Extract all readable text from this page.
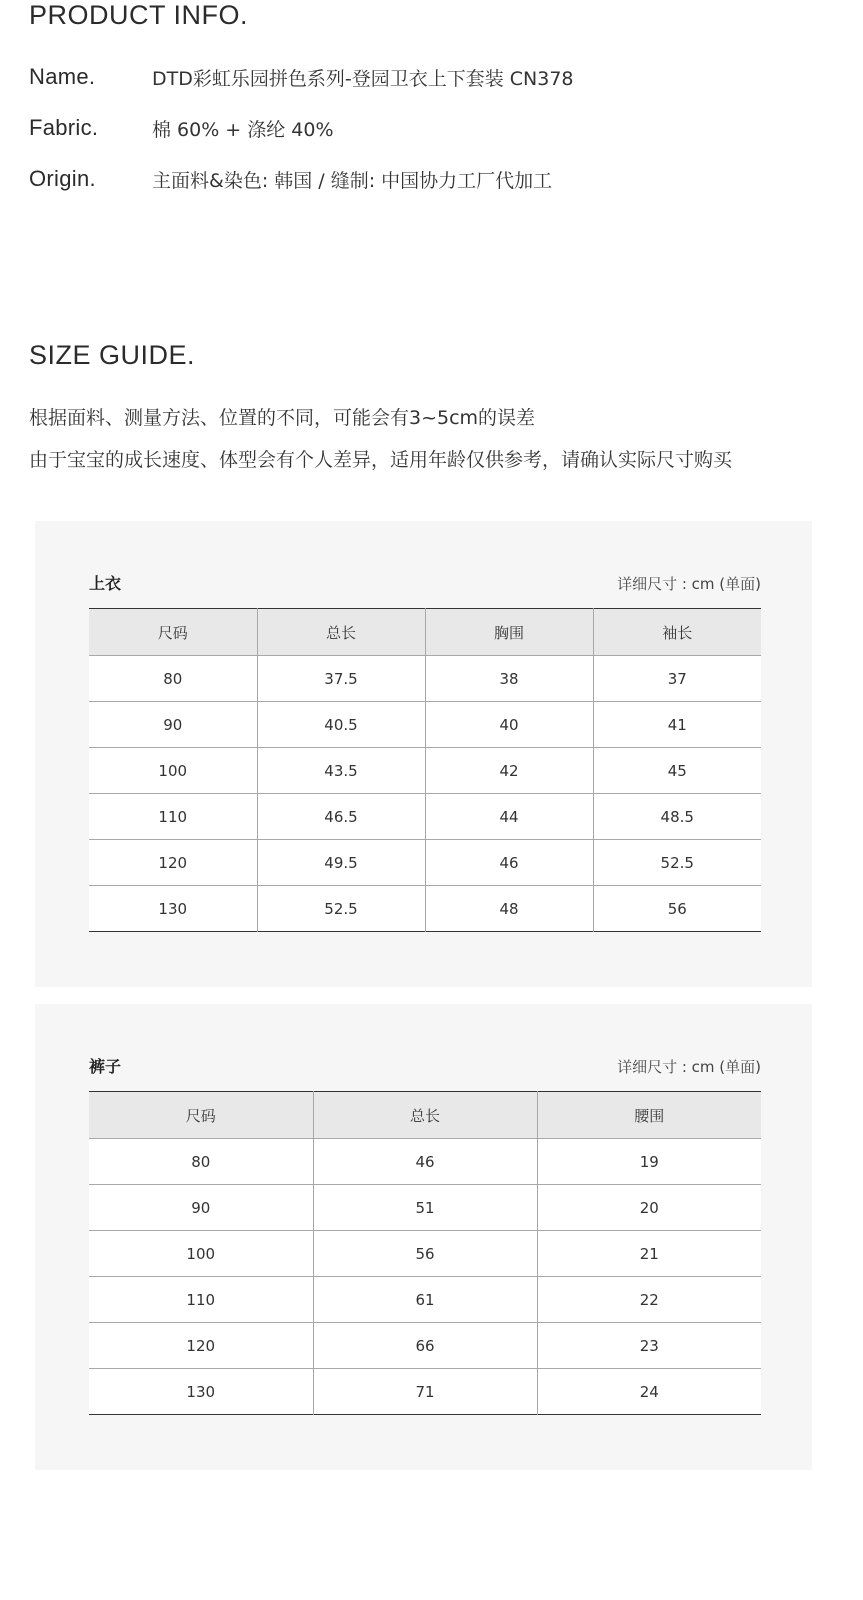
PRODUCT INFO.
Name.	DTD彩虹乐园拼色系列-登园卫衣上下套装 CN378
Fabric.	棉 60% + 涤纶 40%
Origin.	主面料&染色: 韩国 / 缝制: 中国协力工厂代加工
SIZE GUIDE.
根据面料、测量方法、位置的不同，可能会有3~5cm的误差
由于宝宝的成长速度、体型会有个人差异，适用年龄仅供参考，请确认实际尺寸购买
上衣	详细尺寸 : cm (单面)
尺码	总长	胸围	袖长
80	37.5	38	37
90	40.5	40	41
100	43.5	42	45
110	46.5	44	48.5
120	49.5	46	52.5
130	52.5	48	56
裤子	详细尺寸 : cm (单面)
尺码	总长	腰围
80	46	19
90	51	20
100	56	21
110	61	22
120	66	23
130	71	24
